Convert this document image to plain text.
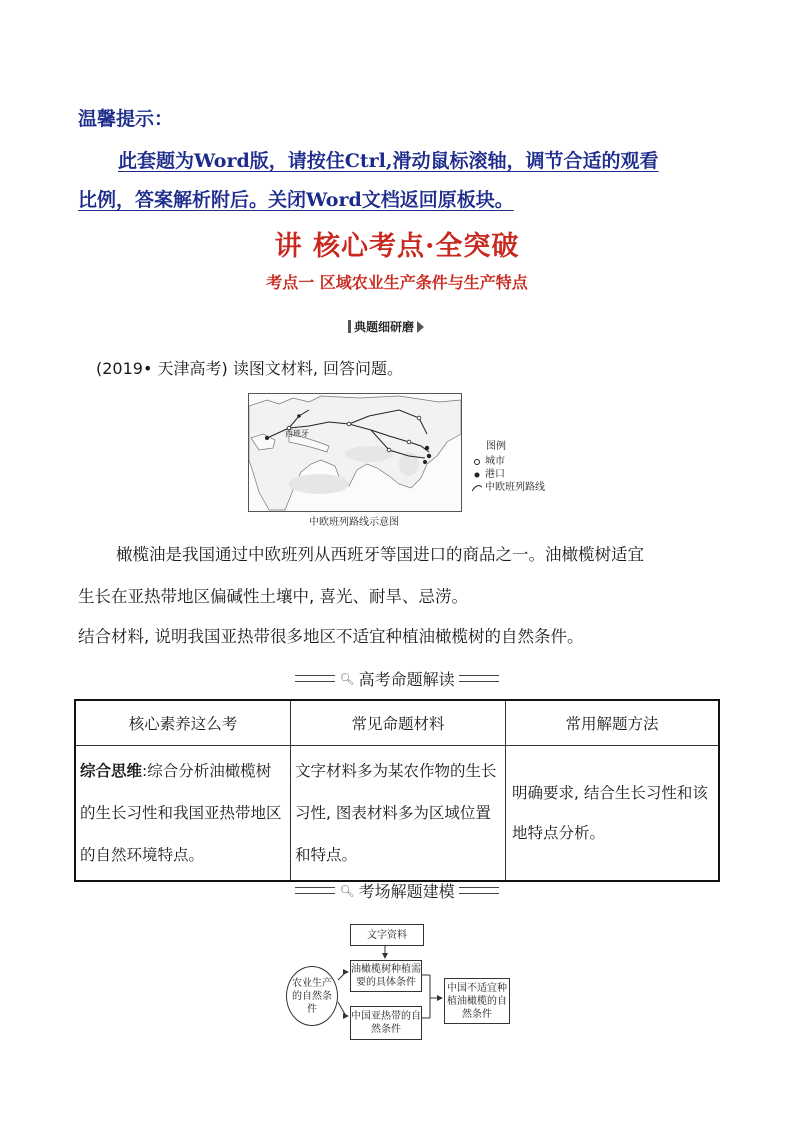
温馨提示：
此套题为Word版，请按住Ctrl,滑动鼠标滚轴，调节合适的观看
比例，答案解析附后。关闭Word文档返回原板块。
讲 核心考点·全突破
考点一 区域农业生产条件与生产特点
典题细研磨
(2019• 天津高考) 读图文材料, 回答问题。
西班牙
中欧班列路线示意图
图例
城市
港口
中欧班列路线
橄榄油是我国通过中欧班列从西班牙等国进口的商品之一。油橄榄树适宜
生长在亚热带地区偏碱性土壤中, 喜光、耐旱、忌涝。
结合材料, 说明我国亚热带很多地区不适宜种植油橄榄树的自然条件。
🔍︎ 高考命题解读
核心素养这么考	常见命题材料	常用解题方法
综合思维:综合分析油橄榄树的生长习性和我国亚热带地区的自然环境特点。	文字材料多为某农作物的生长习性, 图表材料多为区域位置和特点。	明确要求, 结合生长习性和该地特点分析。
🔍︎ 考场解题建模
文字资料
农业生产的自然条件
油橄榄树种植需要的具体条件
中国亚热带的自然条件
中国不适宜种植油橄榄的自然条件
